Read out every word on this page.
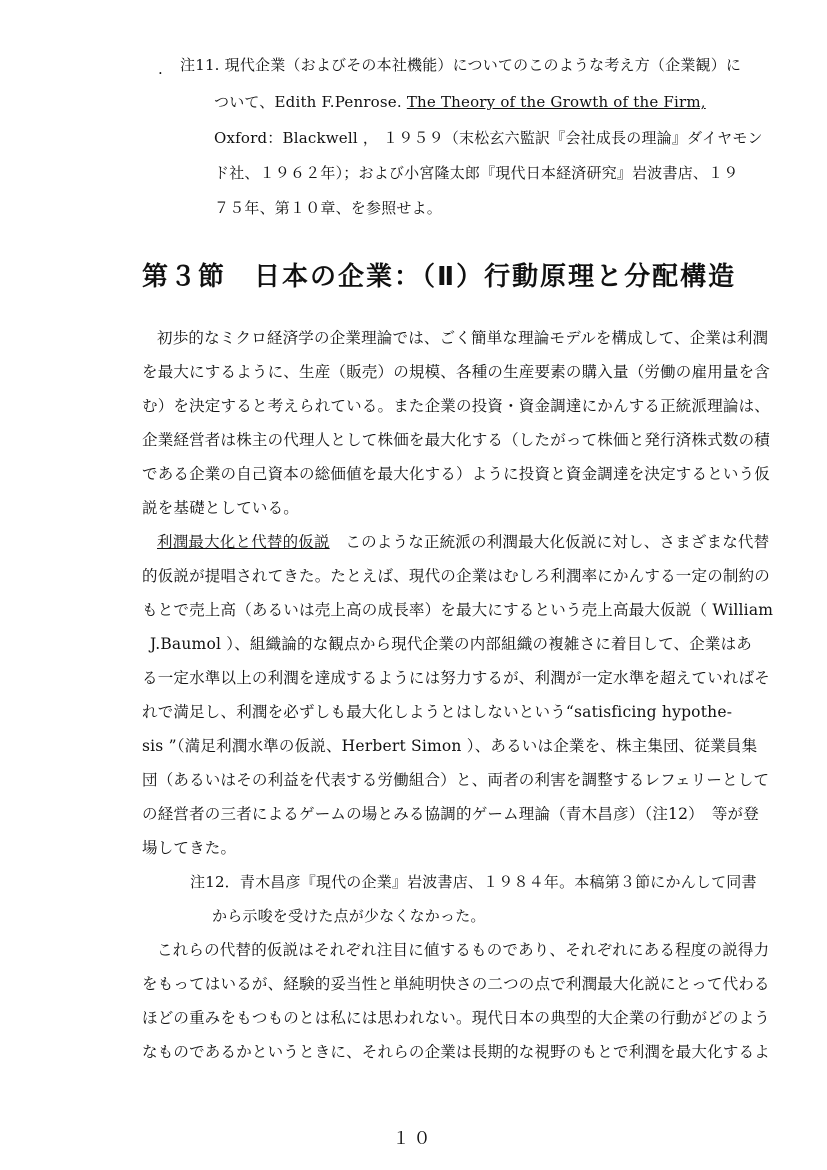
. 注11. 現代企業（およびその本社機能）についてのこのような考え方（企業観）に
ついて、Edith F.Penrose. The Theory of the Growth of the Firm,
Oxford：Blackwell ， １９５９（末松玄六監訳『会社成長の理論』ダイヤモン
ド社、１９６２年）；および小宮隆太郎『現代日本経済研究』岩波書店、１９
７５年、第１０章、を参照せよ。
第３節　日本の企業：（Ⅱ）行動原理と分配構造
初歩的なミクロ経済学の企業理論では、ごく簡単な理論モデルを構成して、企業は利潤
を最大にするように、生産（販売）の規模、各種の生産要素の購入量（労働の雇用量を含
む）を決定すると考えられている。また企業の投資・資金調達にかんする正統派理論は、
企業経営者は株主の代理人として株価を最大化する（したがって株価と発行済株式数の積
である企業の自己資本の総価値を最大化する）ように投資と資金調達を決定するという仮
説を基礎としている。
利潤最大化と代替的仮説　このような正統派の利潤最大化仮説に対し、さまざまな代替
的仮説が提唱されてきた。たとえば、現代の企業はむしろ利潤率にかんする一定の制約の
もとで売上高（あるいは売上高の成長率）を最大にするという売上高最大仮説（ William
J.Baumol ）、組織論的な観点から現代企業の内部組織の複雑さに着目して、企業はあ
る一定水準以上の利潤を達成するようには努力するが、利潤が一定水準を超えていればそ
れで満足し、利潤を必ずしも最大化しようとはしないという“satisficing hypothe-
sis ”（満足利潤水準の仮説、Herbert Simon ）、あるいは企業を、株主集団、従業員集
団（あるいはその利益を代表する労働組合）と、両者の利害を調整するレフェリーとして
の経営者の三者によるゲームの場とみる協調的ゲーム理論（青木昌彦）（注12）　等が登
場してきた。
注12．青木昌彦『現代の企業』岩波書店、１９８４年。本稿第３節にかんして同書
から示唆を受けた点が少なくなかった。
これらの代替的仮説はそれぞれ注目に値するものであり、それぞれにある程度の説得力
をもってはいるが、経験的妥当性と単純明快さの二つの点で利潤最大化説にとって代わる
ほどの重みをもつものとは私には思われない。現代日本の典型的大企業の行動がどのよう
なものであるかというときに、それらの企業は長期的な視野のもとで利潤を最大化するよ
１０
